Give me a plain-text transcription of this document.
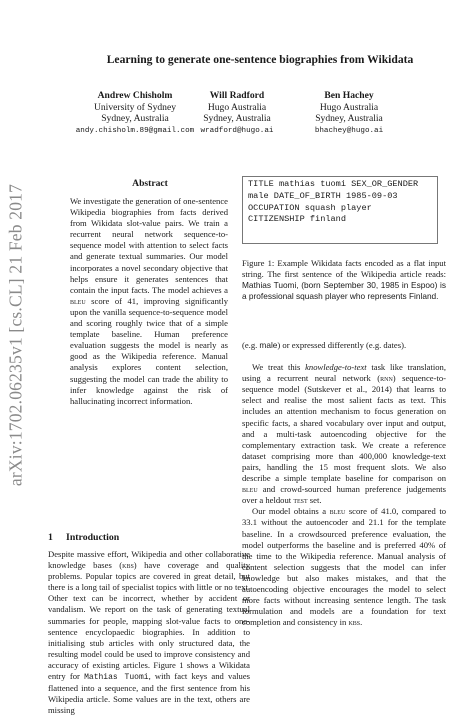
arXiv:1702.06235v1 [cs.CL] 21 Feb 2017
Learning to generate one-sentence biographies from Wikidata
Andrew Chisholm
University of Sydney
Sydney, Australia
andy.chisholm.89@gmail.com
Will Radford
Hugo Australia
Sydney, Australia
wradford@hugo.ai
Ben Hachey
Hugo Australia
Sydney, Australia
bhachey@hugo.ai
Abstract
We investigate the generation of one-sentence Wikipedia biographies from facts derived from Wikidata slot-value pairs. We train a recurrent neural network sequence-to-sequence model with attention to select facts and generate textual summaries. Our model incorporates a novel secondary objective that helps ensure it generates sentences that contain the input facts. The model achieves a bleu score of 41, improving significantly upon the vanilla sequence-to-sequence model and scoring roughly twice that of a simple template baseline. Human preference evaluation suggests the model is nearly as good as the Wikipedia reference. Manual analysis explores content selection, suggesting the model can trade the ability to infer knowledge against the risk of hallucinating incorrect information.
1 Introduction
Despite massive effort, Wikipedia and other collaborative knowledge bases (kbs) have coverage and quality problems. Popular topics are covered in great detail, but there is a long tail of specialist topics with little or no text. Other text can be incorrect, whether by accident or vandalism. We report on the task of generating textual summaries for people, mapping slot-value facts to one-sentence encyclopaedic biographies. In addition to initialising stub articles with only structured data, the resulting model could be used to improve consistency and accuracy of existing articles. Figure 1 shows a Wikidata entry for Mathias Tuomi, with fact keys and values flattened into a sequence, and the first sentence from his Wikipedia article. Some values are in the text, others are missing
TITLE mathias tuomi SEX_OR_GENDER
male DATE_OF_BIRTH 1985-09-03
OCCUPATION squash player
CITIZENSHIP finland
Figure 1: Example Wikidata facts encoded as a flat input string. The first sentence of the Wikipedia article reads: Mathias Tuomi, (born September 30, 1985 in Espoo) is a professional squash player who represents Finland.

(e.g. male) or expressed differently (e.g. dates).

We treat this knowledge-to-text task like translation, using a recurrent neural network (rnn) sequence-to-sequence model (Sutskever et al., 2014) that learns to select and realise the most salient facts as text. This includes an attention mechanism to focus generation on specific facts, a shared vocabulary over input and output, and a multi-task autoencoding objective for the complementary extraction task. We create a reference dataset comprising more than 400,000 knowledge-text pairs, handling the 15 most frequent slots. We also describe a simple template baseline for comparison on bleu and crowd-sourced human preference judgements over a heldout test set.

Our model obtains a bleu score of 41.0, compared to 33.1 without the autoencoder and 21.1 for the template baseline. In a crowdsourced preference evaluation, the model outperforms the baseline and is preferred 40% of the time to the Wikipedia reference. Manual analysis of content selection suggests that the model can infer knowledge but also makes mistakes, and that the autoencoding objective encourages the model to select more facts without increasing sentence length. The task formulation and models are a foundation for text completion and consistency in kbs.
